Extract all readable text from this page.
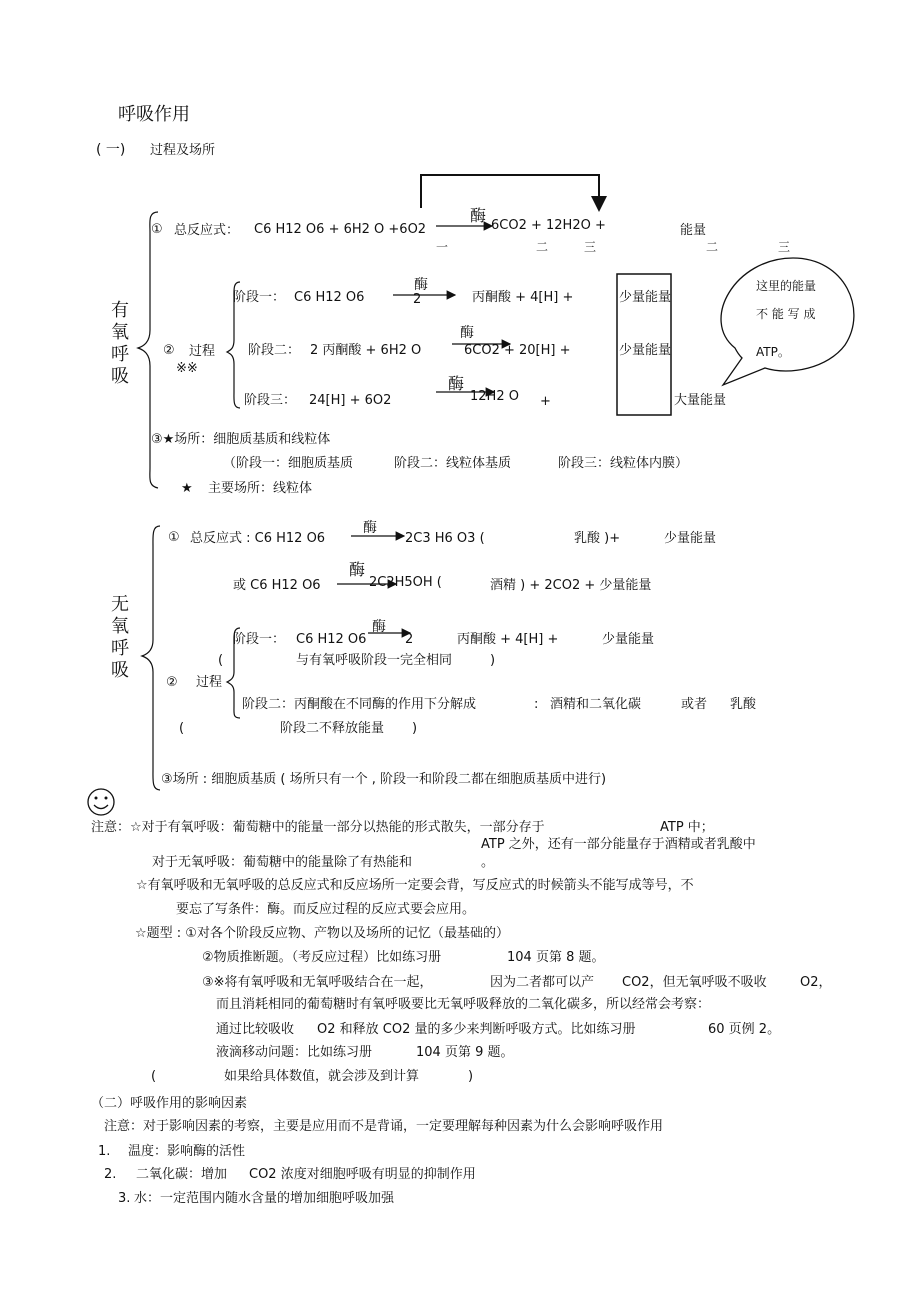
呼吸作用
( 一) 过程及场所
有氧呼吸
① 总反应式： C6 H12 O6 + 6H2 O +6O2
酶
6CO2 + 12H2O +	能量
一	二	三	二	三
② 过程
※※
阶段一： C6 H12 O6
酶
2	丙酮酸 + 4[H] +	少量能量
阶段二： 2 丙酮酸 + 6H2 O
酶
6CO2 + 20[H] +	少量能量
阶段三： 24[H] + 6O2
酶
12H2 O +	大量能量
这里的能量
不 能 写 成
ATP。
③★场所：细胞质基质和线粒体
（阶段一：细胞质基质	阶段二：线粒体基质	阶段三：线粒体内膜）
★ 主要场所：线粒体
无氧呼吸
① 总反应式 : C6 H12 O6
酶
2C3 H6 O3 (	乳酸 )+	少量能量
或 C6 H12 O6
酶
2C2H5OH (	酒精 ) + 2CO2 + 少量能量
② 过程
阶段一： C6 H12 O6
酶
2	丙酮酸 + 4[H] +	少量能量
(	与有氧呼吸阶段一完全相同	)
阶段二：丙酮酸在不同酶的作用下分解成	: 酒精和二氧化碳	或者 乳酸
(	阶段二不释放能量 )
③场所 : 细胞质基质 ( 场所只有一个 , 阶段一和阶段二都在细胞质基质中进行)
注意：☆对于有氧呼吸：葡萄糖中的能量一部分以热能的形式散失，一部分存于	ATP 中；
ATP 之外，还有一部分能量存于酒精或者乳酸中
对于无氧呼吸：葡萄糖中的能量除了有热能和	。
☆有氧呼吸和无氧呼吸的总反应式和反应场所一定要会背，写反应式的时候箭头不能写成等号，不
要忘了写条件：酶。而反应过程的反应式要会应用。
☆题型 : ①对各个阶段反应物、产物以及场所的记忆（最基础的）
②物质推断题。（考反应过程）比如练习册	104 页第 8 题。
③※将有氧呼吸和无氧呼吸结合在一起，	因为二者都可以产 CO2，但无氧呼吸不吸收	O2，
而且消耗相同的葡萄糖时有氧呼吸要比无氧呼吸释放的二氧化碳多，所以经常会考察：
通过比较吸收 O2 和释放 CO2 量的多少来判断呼吸方式。比如练习册	60 页例 2。
液滴移动问题：比如练习册	104 页第 9 题。
(	如果给具体数值，就会涉及到计算	)
（二）呼吸作用的影响因素
注意：对于影响因素的考察，主要是应用而不是背诵，一定要理解每种因素为什么会影响呼吸作用
1. 温度：影响酶的活性
2. 二氧化碳：增加 CO2 浓度对细胞呼吸有明显的抑制作用
3. 水：一定范围内随水含量的增加细胞呼吸加强
